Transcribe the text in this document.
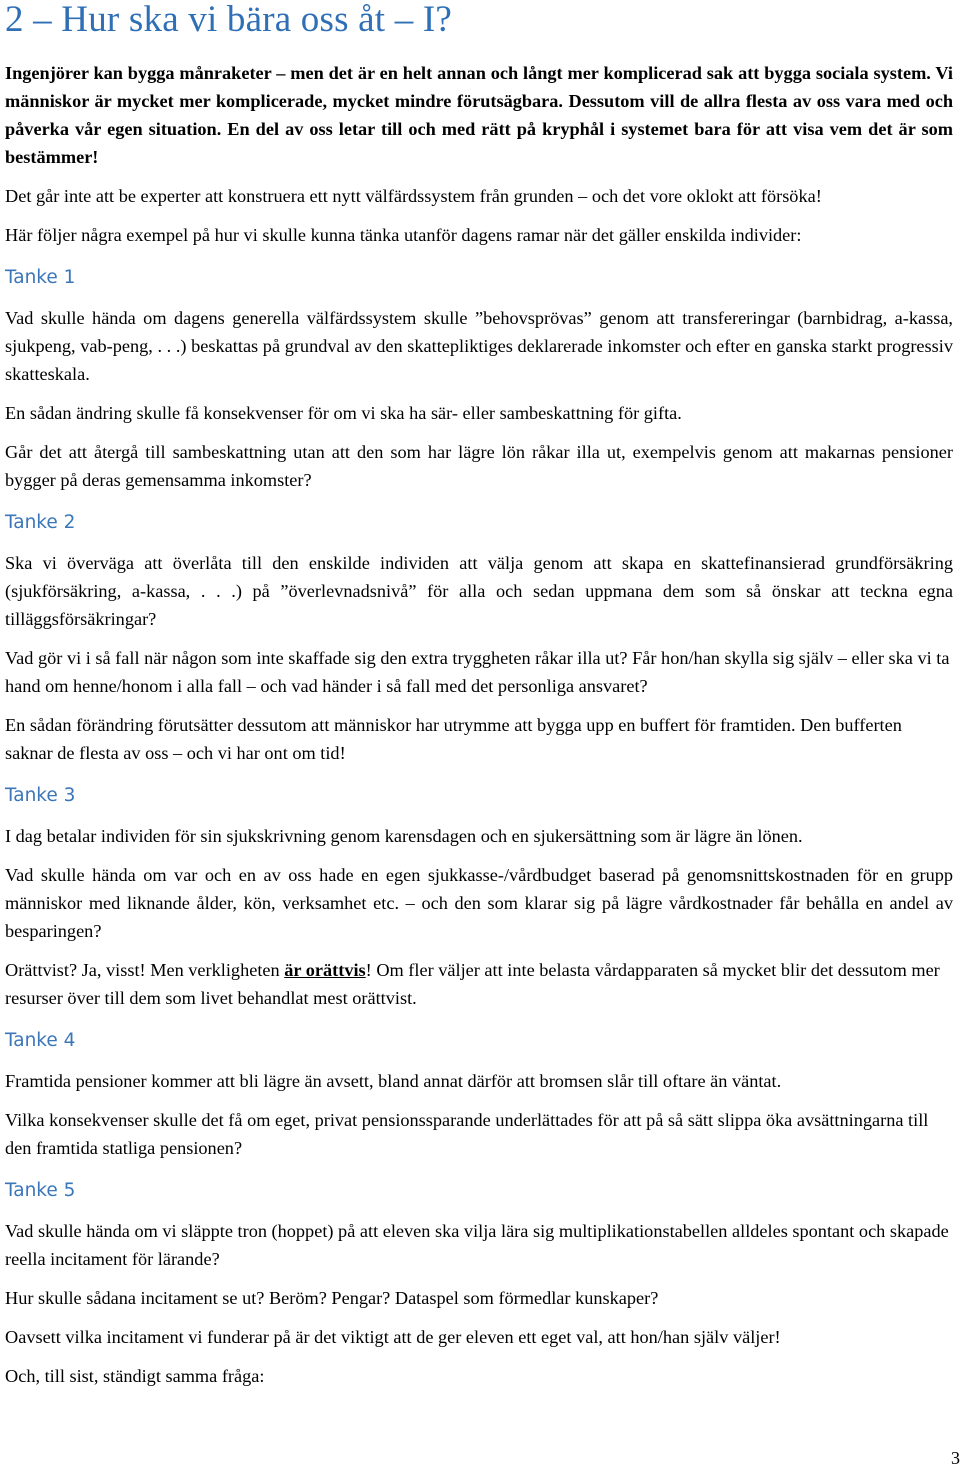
2 – Hur ska vi bära oss åt – I?

Ingenjörer kan bygga månraketer – men det är en helt annan och långt mer komplicerad sak att bygga sociala system. Vi människor är mycket mer komplicerade, mycket mindre förutsägbara. Dessutom vill de allra flesta av oss vara med och påverka vår egen situation. En del av oss letar till och med rätt på kryphål i systemet bara för att visa vem det är som bestämmer!

Det går inte att be experter att konstruera ett nytt välfärdssystem från grunden – och det vore oklokt att försöka!

Här följer några exempel på hur vi skulle kunna tänka utanför dagens ramar när det gäller enskilda individer:

Tanke 1

Vad skulle hända om dagens generella välfärdssystem skulle ”behovsprövas” genom att transfereringar (barnbidrag, a-kassa, sjukpeng, vab-peng, . . .) beskattas på grundval av den skattepliktiges deklarerade inkomster och efter en ganska starkt progressiv skatteskala.

En sådan ändring skulle få konsekvenser för om vi ska ha sär- eller sambeskattning för gifta.

Går det att återgå till sambeskattning utan att den som har lägre lön råkar illa ut, exempelvis genom att makarnas pensioner bygger på deras gemensamma inkomster?

Tanke 2

Ska vi överväga att överlåta till den enskilde individen att välja genom att skapa en skattefinansierad grundförsäkring (sjukförsäkring, a-kassa, . . .) på ”överlevnadsnivå” för alla och sedan uppmana dem som så önskar att teckna egna tilläggsförsäkringar?

Vad gör vi i så fall när någon som inte skaffade sig den extra tryggheten råkar illa ut? Får hon/han skylla sig själv – eller ska vi ta hand om henne/honom i alla fall – och vad händer i så fall med det personliga ansvaret?

En sådan förändring förutsätter dessutom att människor har utrymme att bygga upp en buffert för framtiden. Den bufferten saknar de flesta av oss – och vi har ont om tid!

Tanke 3

I dag betalar individen för sin sjukskrivning genom karensdagen och en sjukersättning som är lägre än lönen.

Vad skulle hända om var och en av oss hade en egen sjukkasse-/vårdbudget baserad på genomsnittskostnaden för en grupp människor med liknande ålder, kön, verksamhet etc. – och den som klarar sig på lägre vårdkostnader får behålla en andel av besparingen?

Orättvist? Ja, visst! Men verkligheten är orättvis! Om fler väljer att inte belasta vårdapparaten så mycket blir det dessutom mer resurser över till dem som livet behandlat mest orättvist.

Tanke 4

Framtida pensioner kommer att bli lägre än avsett, bland annat därför att bromsen slår till oftare än väntat.

Vilka konsekvenser skulle det få om eget, privat pensionssparande underlättades för att på så sätt slippa öka avsättningarna till den framtida statliga pensionen?

Tanke 5

Vad skulle hända om vi släppte tron (hoppet) på att eleven ska vilja lära sig multiplikationstabellen alldeles spontant och skapade reella incitament för lärande?

Hur skulle sådana incitament se ut? Beröm? Pengar? Dataspel som förmedlar kunskaper?

Oavsett vilka incitament vi funderar på är det viktigt att de ger eleven ett eget val, att hon/han själv väljer!

Och, till sist, ständigt samma fråga:

3
